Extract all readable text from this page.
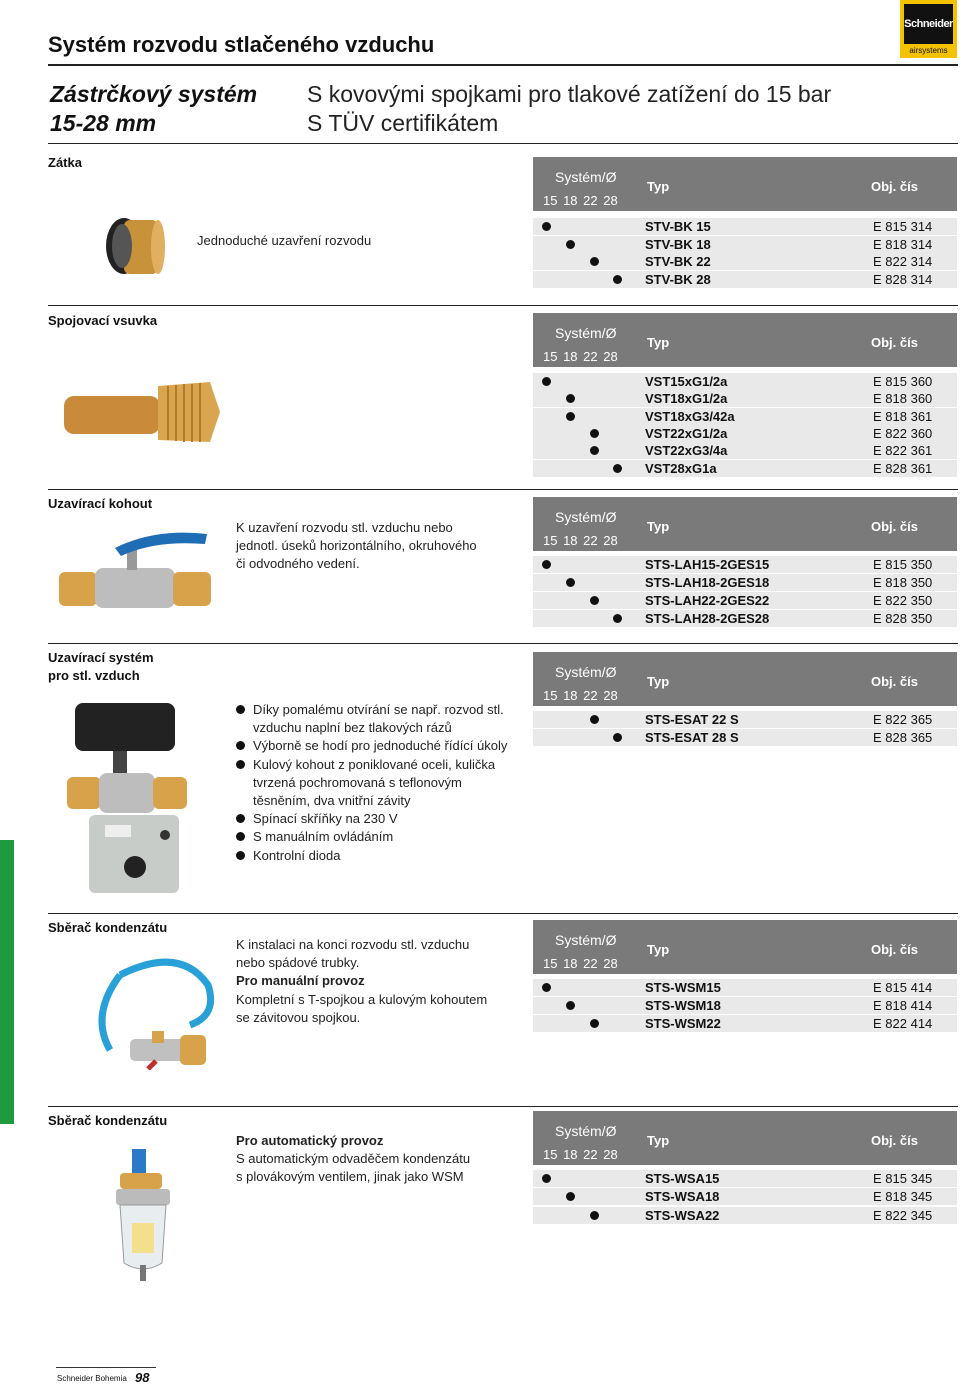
Schneider
airsystems
Systém rozvodu stlačeného vzduchu
Zástrčkový systém
15-28 mm
S kovovými spojkami pro tlakové zatížení do 15 bar
S TÜV certifikátem
Zátka
Jednoduché uzavření rozvodu
Systém/Ø
15 18 22 28
Typ	Obj. čís
STV-BK 15	E 815 314
STV-BK 18	E 818 314
STV-BK 22	E 822 314
STV-BK 28	E 828 314
Spojovací vsuvka
Systém/Ø
15 18 22 28
Typ	Obj. čís
VST15xG1/2a	E 815 360
VST18xG1/2a	E 818 360
VST18xG3/42a	E 818 361
VST22xG1/2a	E 822 360
VST22xG3/4a	E 822 361
VST28xG1a	E 828 361
Uzavírací kohout
K uzavření rozvodu stl. vzduchu nebo
jednotl. úseků horizontálního, okruhového
či odvodného vedení.
Systém/Ø
15 18 22 28
Typ	Obj. čís
STS-LAH15-2GES15	E 815 350
STS-LAH18-2GES18	E 818 350
STS-LAH22-2GES22	E 822 350
STS-LAH28-2GES28	E 828 350
Uzavírací systém
pro stl. vzduch
Díky pomalému otvírání se např. rozvod stl. vzduchu naplní bez tlakových rázů
Výborně se hodí pro jednoduché řídící úkoly
Kulový kohout z poniklované oceli, kulička tvrzená pochromovaná s teflonovým těsněním, dva vnitřní závity
Spínací skříňky na 230 V
S manuálním ovládáním
Kontrolní dioda
Systém/Ø
15 18 22 28
Typ	Obj. čís
STS-ESAT 22 S	E 822 365
STS-ESAT 28 S	E 828 365
Sběrač kondenzátu
K instalaci na konci rozvodu stl. vzduchu
nebo spádové trubky.
Pro manuální provoz
Kompletní s T-spojkou a kulovým kohoutem
se závitovou spojkou.
Systém/Ø
15 18 22 28
Typ	Obj. čís
STS-WSM15	E 815 414
STS-WSM18	E 818 414
STS-WSM22	E 822 414
Sběrač kondenzátu
Pro automatický provoz
S automatickým odvaděčem kondenzátu
s plovákovým ventilem, jinak jako WSM
Systém/Ø
15 18 22 28
Typ	Obj. čís
STS-WSA15	E 815 345
STS-WSA18	E 818 345
STS-WSA22	E 822 345
Schneider Bohemia 98
